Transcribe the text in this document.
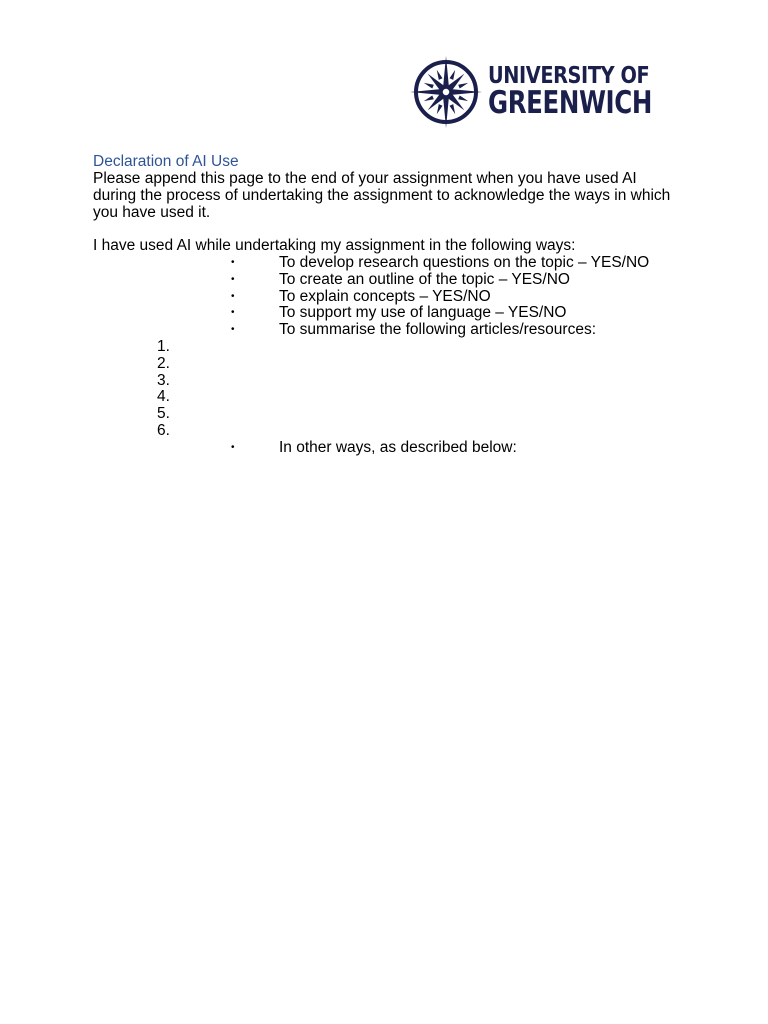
UNIVERSITY OF
GREENWICH
Declaration of AI Use

Please append this page to the end of your assignment when you have used AI during the process of undertaking the assignment to acknowledge the ways in which you have used it.

I have used AI while undertaking my assignment in the following ways:

•	To develop research questions on the topic – YES/NO
•	To create an outline of the topic – YES/NO
•	To explain concepts – YES/NO
•	To support my use of language – YES/NO
•	To summarise the following articles/resources:
1.
2.
3.
4.
5.
6.
•	In other ways, as described below:
